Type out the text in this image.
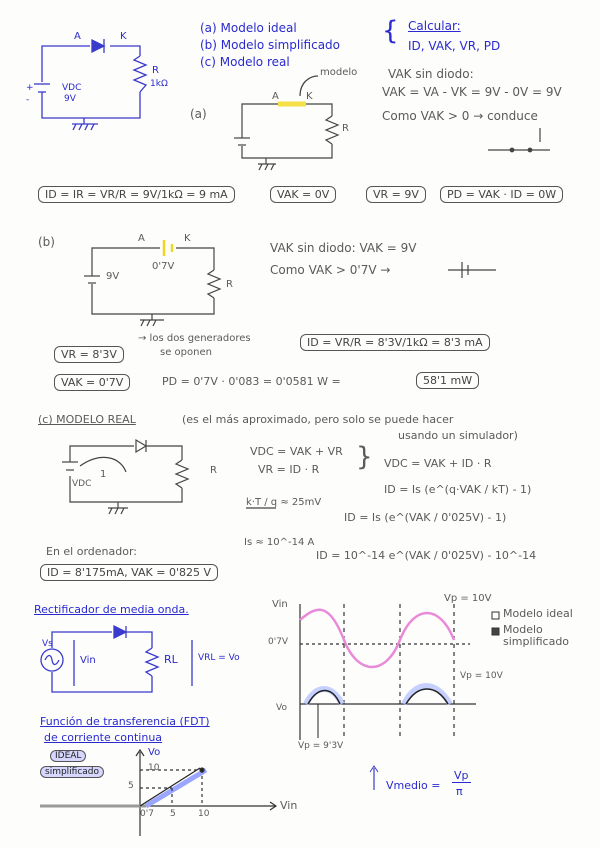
A	K
R
1kΩ
VDC
9V
+
-
(a) Modelo ideal
(b) Modelo simplificado
(c) Modelo real
{ Calcular:
ID, VAK, VR, PD
(a)
modelo
A	K
R
VAK sin diodo:
VAK = VA - VK = 9V - 0V = 9V
Como VAK > 0 → conduce
ID = IR = VR/R = 9V/1kΩ = 9 mA	VAK = 0V	VR = 9V	PD = VAK · ID = 0W
(b)	A	K
9V
0'7V
R
VAK sin diodo: VAK = 9V
Como VAK > 0'7V →
VR = 8'3V
→ los dos generadores
se oponen
ID = VR/R = 8'3V/1kΩ = 8'3 mA
VAK = 0'7V	PD = 0'7V · 0'083 = 0'0581 W =	58'1 mW
(c) MODELO REAL	(es el más aproximado, pero solo se puede hacer
usando un simulador)
VDC
1	R
VDC = VAK + VR
VR = ID · R } VDC = VAK + ID · R
ID = Is (e^(q·VAK / kT) - 1)
k·T / q ≈ 25mV
ID = Is (e^(VAK / 0'025V) - 1)
Is ≈ 10^-14 A
ID = 10^-14 e^(VAK / 0'025V) - 10^-14
En el ordenador:
ID = 8'175mA, VAK = 0'825 V
Rectificador de media onda.
Vs
Vin	RL VRL = Vo
Vin
Vp = 10V
0'7V
Vo
Vp = 10V
Vp = 9'3V
Modelo ideal
Modelo simplificado
Vmedio =
Vp
π
Función de transferencia (FDT)
de corriente continua
IDEAL
simplificado
Vo
Vin
10
5
0'7 5 10
